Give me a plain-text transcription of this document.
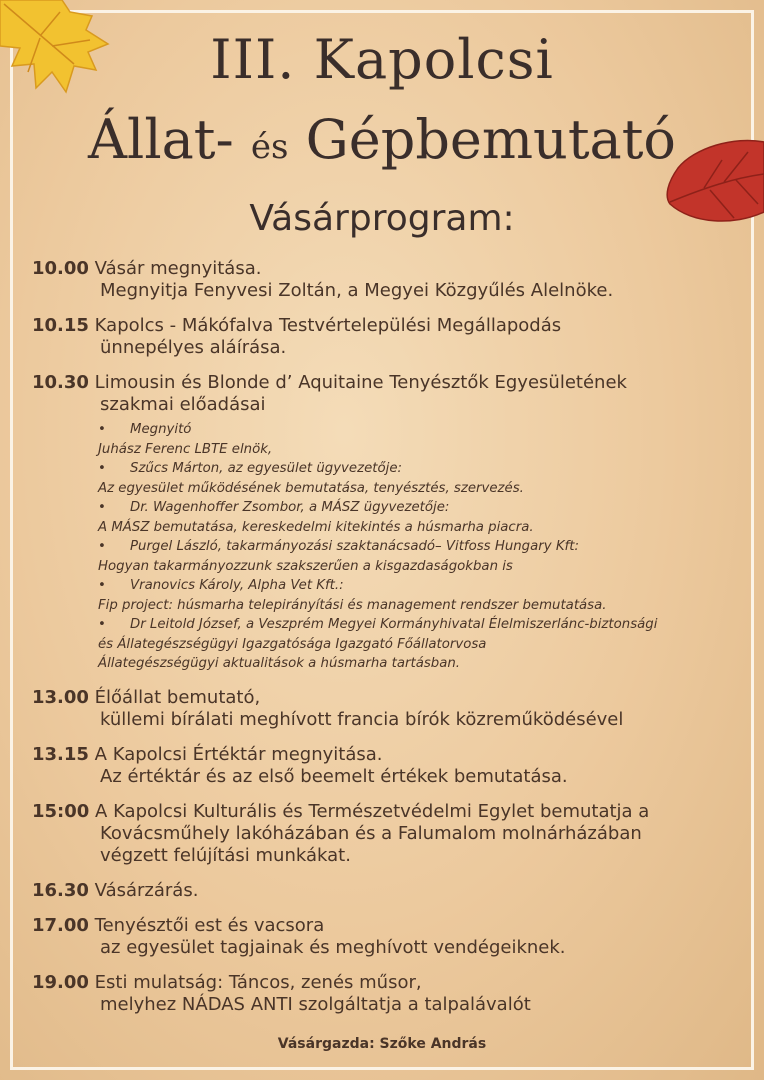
III. Kapolcsi
Állat- és Gépbemutató
Vásárprogram:
10.00 Vásár megnyitása.
Megnyitja Fenyvesi Zoltán, a Megyei Közgyűlés Alelnöke.
10.15 Kapolcs - Mákófalva Testvértelepülési Megállapodás
ünnepélyes aláírása.
10.30 Limousin és Blonde d’ Aquitaine Tenyésztők Egyesületének
szakmai előadásai
• Megnyitó
Juhász Ferenc LBTE elnök,
• Szűcs Márton, az egyesület ügyvezetője:
Az egyesület működésének bemutatása, tenyésztés, szervezés.
• Dr. Wagenhoffer Zsombor, a MÁSZ ügyvezetője:
A MÁSZ bemutatása, kereskedelmi kitekintés a húsmarha piacra.
• Purgel László, takarmányozási szaktanácsadó– Vitfoss Hungary Kft:
Hogyan takarmányozzunk szakszerűen a kisgazdaságokban is
• Vranovics Károly, Alpha Vet Kft.:
Fip project: húsmarha telepirányítási és management rendszer bemutatása.
• Dr Leitold József, a Veszprém Megyei Kormányhivatal Élelmiszerlánc-biztonsági
és Állategészségügyi Igazgatósága Igazgató Főállatorvosa
Állategészségügyi aktualitások a húsmarha tartásban.
13.00 Élőállat bemutató,
küllemi bírálati meghívott francia bírók közreműködésével
13.15 A Kapolcsi Értéktár megnyitása.
Az értéktár és az első beemelt értékek bemutatása.
15:00 A Kapolcsi Kulturális és Természetvédelmi Egylet bemutatja a
Kovácsműhely lakóházában és a Falumalom molnárházában
végzett felújítási munkákat.
16.30 Vásárzárás.
17.00 Tenyésztői est és vacsora
az egyesület tagjainak és meghívott vendégeiknek.
19.00 Esti mulatság: Táncos, zenés műsor,
melyhez NÁDAS ANTI szolgáltatja a talpalávalót
Vásárgazda: Szőke András
